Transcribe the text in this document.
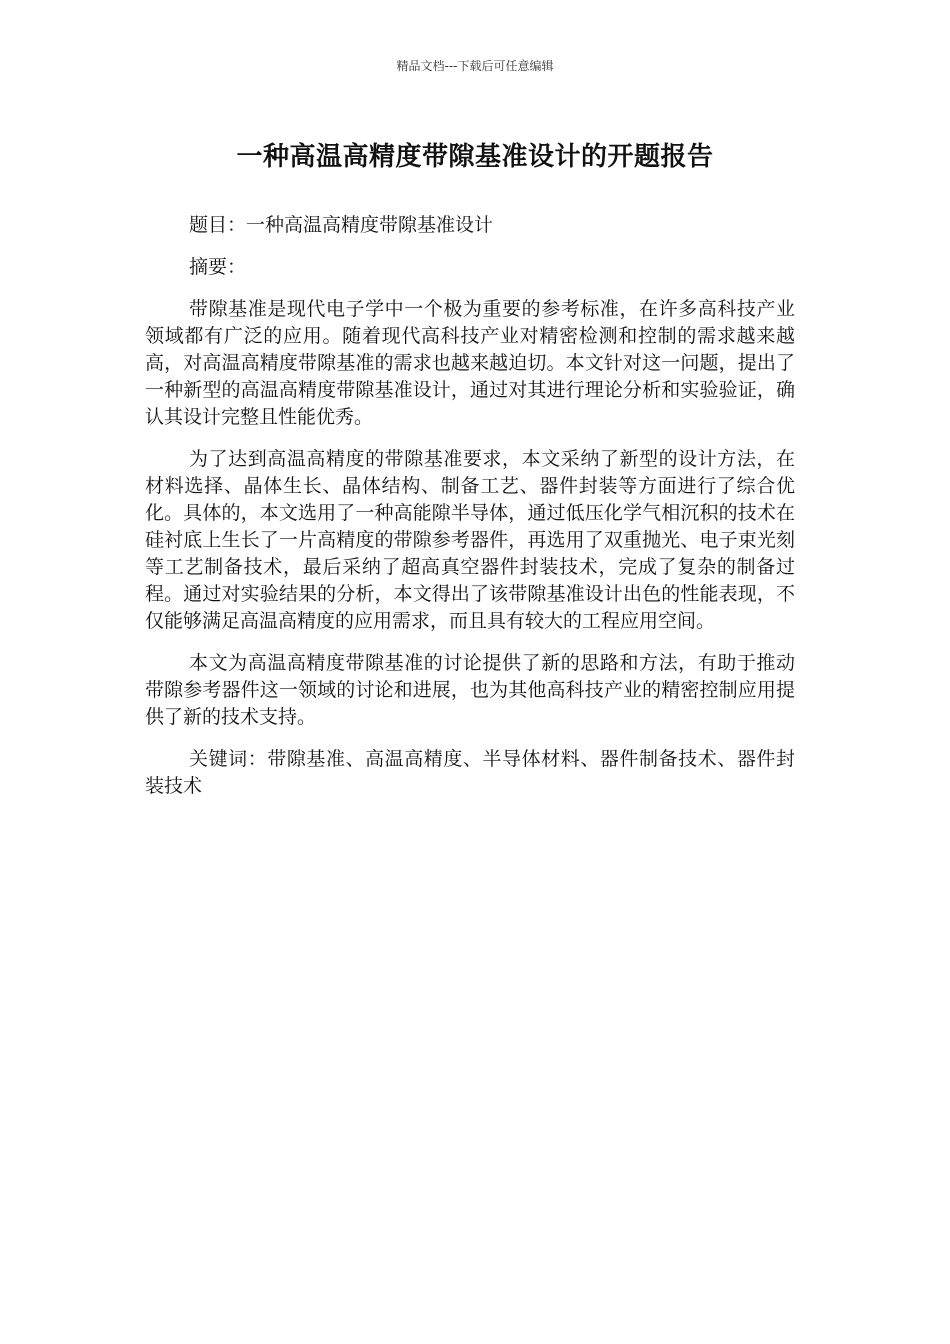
精品文档---下载后可任意编辑
一种高温高精度带隙基准设计的开题报告

题目：一种高温高精度带隙基准设计

摘要：

带隙基准是现代电子学中一个极为重要的参考标准，在许多高科技产业领域都有广泛的应用。随着现代高科技产业对精密检测和控制的需求越来越高，对高温高精度带隙基准的需求也越来越迫切。本文针对这一问题，提出了一种新型的高温高精度带隙基准设计，通过对其进行理论分析和实验验证，确认其设计完整且性能优秀。

为了达到高温高精度的带隙基准要求，本文采纳了新型的设计方法，在材料选择、晶体生长、晶体结构、制备工艺、器件封装等方面进行了综合优化。具体的，本文选用了一种高能隙半导体，通过低压化学气相沉积的技术在硅衬底上生长了一片高精度的带隙参考器件，再选用了双重抛光、电子束光刻等工艺制备技术，最后采纳了超高真空器件封装技术，完成了复杂的制备过程。通过对实验结果的分析，本文得出了该带隙基准设计出色的性能表现，不仅能够满足高温高精度的应用需求，而且具有较大的工程应用空间。

本文为高温高精度带隙基准的讨论提供了新的思路和方法，有助于推动带隙参考器件这一领域的讨论和进展，也为其他高科技产业的精密控制应用提供了新的技术支持。

关键词：带隙基准、高温高精度、半导体材料、器件制备技术、器件封装技术
